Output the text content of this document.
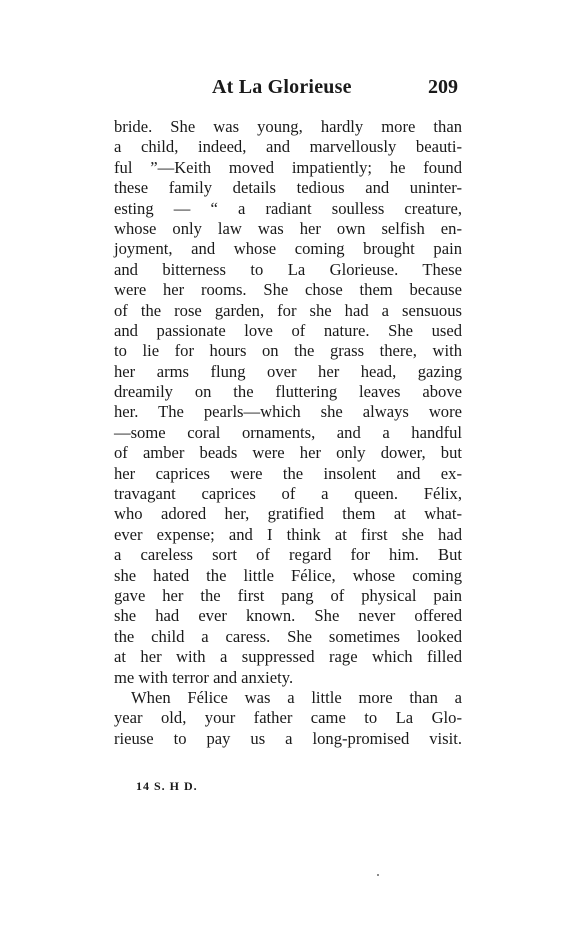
At La Glorieuse	209
bride. She was young, hardly more than
a child, indeed, and marvellously beauti-
ful ”—Keith moved impatiently; he found
these family details tedious and uninter-
esting — “ a radiant soulless creature,
whose only law was her own selfish en-
joyment, and whose coming brought pain
and bitterness to La Glorieuse. These
were her rooms. She chose them because
of the rose garden, for she had a sensuous
and passionate love of nature. She used
to lie for hours on the grass there, with
her arms flung over her head, gazing
dreamily on the fluttering leaves above
her. The pearls—which she always wore
—some coral ornaments, and a handful
of amber beads were her only dower, but
her caprices were the insolent and ex-
travagant caprices of a queen. Félix,
who adored her, gratified them at what-
ever expense; and I think at first she had
a careless sort of regard for him. But
she hated the little Félice, whose coming
gave her the first pang of physical pain
she had ever known. She never offered
the child a caress. She sometimes looked
at her with a suppressed rage which filled
me with terror and anxiety.
When Félice was a little more than a
year old, your father came to La Glo-
rieuse to pay us a long-promised visit.
14 S. H D.
